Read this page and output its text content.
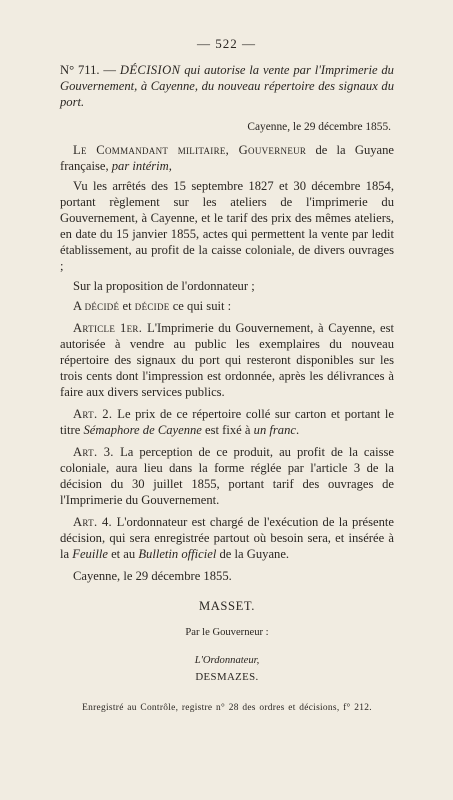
— 522 —

N° 711. — DÉCISION qui autorise la vente par l'Imprimerie du Gouvernement, à Cayenne, du nouveau répertoire des signaux du port.

Cayenne, le 29 décembre 1855.

Le Commandant militaire, Gouverneur de la Guyane française, par intérim,

Vu les arrêtés des 15 septembre 1827 et 30 décembre 1854, portant règlement sur les ateliers de l'imprimerie du Gouvernement, à Cayenne, et le tarif des prix des mêmes ateliers, en date du 15 janvier 1855, actes qui permettent la vente par ledit établissement, au profit de la caisse coloniale, de divers ouvrages ;

Sur la proposition de l'ordonnateur ;

A décidé et décide ce qui suit :

Article 1er. L'Imprimerie du Gouvernement, à Cayenne, est autorisée à vendre au public les exemplaires du nouveau répertoire des signaux du port qui resteront disponibles sur les trois cents dont l'impression est ordonnée, après les délivrances à faire aux divers services publics.

Art. 2. Le prix de ce répertoire collé sur carton et portant le titre Sémaphore de Cayenne est fixé à un franc.

Art. 3. La perception de ce produit, au profit de la caisse coloniale, aura lieu dans la forme réglée par l'article 3 de la décision du 30 juillet 1855, portant tarif des ouvrages de l'Imprimerie du Gouvernement.

Art. 4. L'ordonnateur est chargé de l'exécution de la présente décision, qui sera enregistrée partout où besoin sera, et insérée à la Feuille et au Bulletin officiel de la Guyane.

Cayenne, le 29 décembre 1855.

MASSET.

Par le Gouverneur :

L'Ordonnateur,

DESMAZES.

Enregistré au Contrôle, registre n° 28 des ordres et décisions, f° 212.
